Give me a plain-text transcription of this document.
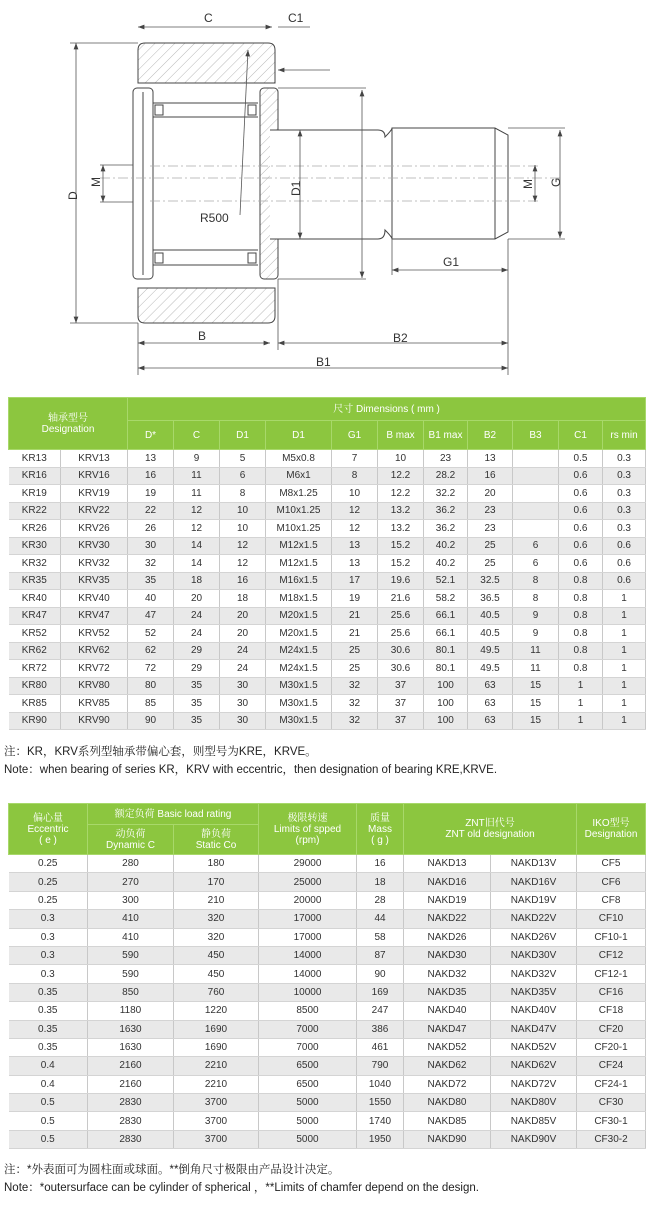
C	C1
D
M	D1
R500
M G
G1
B	B2
B1
轴承型号
Designation		尺寸 Dimensions ( mm )										
		D*	C	D1	D1	G1	B max	B1 max	B2	B3	C1	rs min
KR13	KRV13	13	9	5	M5x0.8	7	10	23	13		0.5	0.3
KR16	KRV16	16	11	6	M6x1	8	12.2	28.2	16		0.6	0.3
KR19	KRV19	19	11	8	M8x1.25	10	12.2	32.2	20		0.6	0.3
KR22	KRV22	22	12	10	M10x1.25	12	13.2	36.2	23		0.6	0.3
KR26	KRV26	26	12	10	M10x1.25	12	13.2	36.2	23		0.6	0.3
KR30	KRV30	30	14	12	M12x1.5	13	15.2	40.2	25	6	0.6	0.6
KR32	KRV32	32	14	12	M12x1.5	13	15.2	40.2	25	6	0.6	0.6
KR35	KRV35	35	18	16	M16x1.5	17	19.6	52.1	32.5	8	0.8	0.6
KR40	KRV40	40	20	18	M18x1.5	19	21.6	58.2	36.5	8	0.8	1
KR47	KRV47	47	24	20	M20x1.5	21	25.6	66.1	40.5	9	0.8	1
KR52	KRV52	52	24	20	M20x1.5	21	25.6	66.1	40.5	9	0.8	1
KR62	KRV62	62	29	24	M24x1.5	25	30.6	80.1	49.5	11	0.8	1
KR72	KRV72	72	29	24	M24x1.5	25	30.6	80.1	49.5	11	0.8	1
KR80	KRV80	80	35	30	M30x1.5	32	37	100	63	15	1	1
KR85	KRV85	85	35	30	M30x1.5	32	37	100	63	15	1	1
KR90	KRV90	90	35	30	M30x1.5	32	37	100	63	15	1	1
注：KR，KRV系列型轴承带偏心套，则型号为KRE，KRVE。
Note：when bearing of series KR，KRV with eccentric，then designation of bearing KRE,KRVE.
偏心量
Eccentric
( e )	额定负荷 Basic load rating		极限转速
Limits of spped
(rpm)	质量
Mass
( g )	ZNT旧代号
ZNT old designation		IKO型号
Designation
	动负荷
Dynamic C	静负荷
Static Co					
0.25	280	180	29000	16	NAKD13	NAKD13V	CF5
0.25	270	170	25000	18	NAKD16	NAKD16V	CF6
0.25	300	210	20000	28	NAKD19	NAKD19V	CF8
0.3	410	320	17000	44	NAKD22	NAKD22V	CF10
0.3	410	320	17000	58	NAKD26	NAKD26V	CF10-1
0.3	590	450	14000	87	NAKD30	NAKD30V	CF12
0.3	590	450	14000	90	NAKD32	NAKD32V	CF12-1
0.35	850	760	10000	169	NAKD35	NAKD35V	CF16
0.35	1180	1220	8500	247	NAKD40	NAKD40V	CF18
0.35	1630	1690	7000	386	NAKD47	NAKD47V	CF20
0.35	1630	1690	7000	461	NAKD52	NAKD52V	CF20-1
0.4	2160	2210	6500	790	NAKD62	NAKD62V	CF24
0.4	2160	2210	6500	1040	NAKD72	NAKD72V	CF24-1
0.5	2830	3700	5000	1550	NAKD80	NAKD80V	CF30
0.5	2830	3700	5000	1740	NAKD85	NAKD85V	CF30-1
0.5	2830	3700	5000	1950	NAKD90	NAKD90V	CF30-2
注：*外表面可为圆柱面或球面。**倒角尺寸极限由产品设计决定。
Note：*outersurface can be cylinder of spherical ，**Limits of chamfer depend on the design.
